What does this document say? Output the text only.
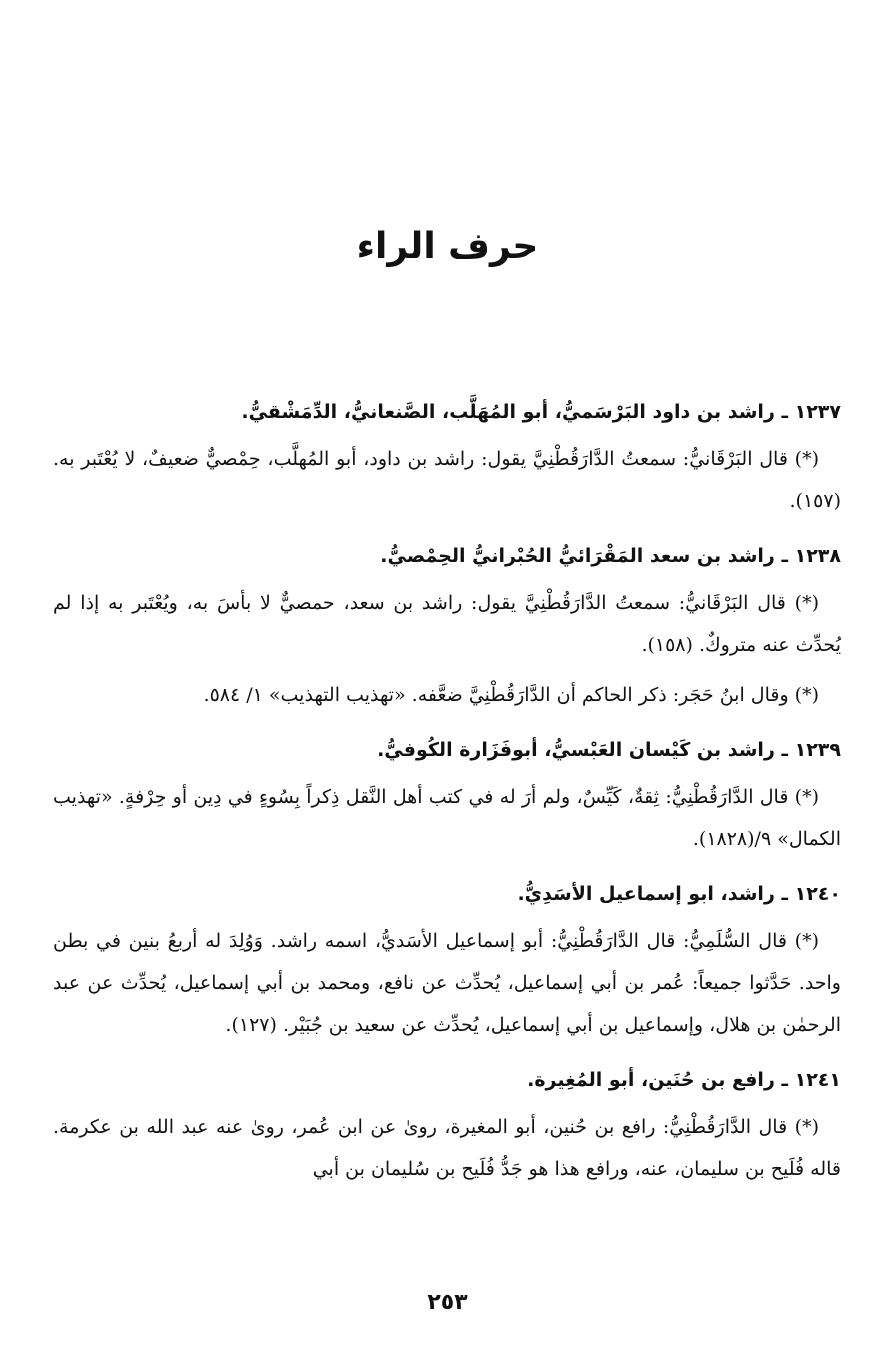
حرف الراء

١٢٣٧ ـ راشد بن داود البَرْسَميُّ، أبو المُهَلَّب، الصَّنعانيُّ، الدِّمَشْقيُّ.

(*) قال البَرْقَانيُّ: سمعتُ الدَّارَقُطْنِيَّ يقول: راشد بن داود، أبو المُهلَّب، حِمْصيٌّ ضعيفٌ، لا يُعْتَبر به. (١٥٧).

١٢٣٨ ـ راشد بن سعد المَقْرَائيُّ الحُبْرانيُّ الحِمْصيُّ.

(*) قال البَرْقَانيُّ: سمعتُ الدَّارَقُطْنِيَّ يقول: راشد بن سعد، حمصيٌّ لا بأسَ به، ويُعْتَبر به إذا لم يُحدِّث عنه متروكٌ. (١٥٨).

(*) وقال ابنُ حَجَر: ذكر الحاكم أن الدَّارَقُطْنِيَّ ضعَّفه. «تهذيب التهذيب» ١/ ٥٨٤.

١٢٣٩ ـ راشد بن كَيْسان العَبْسيُّ، أبوفَزَارة الكُوفيُّ.

(*) قال الدَّارَقُطْنِيُّ: ثِقةٌ، كَيِّسٌ، ولم أرَ له في كتب أهل النَّقل ذِكراً بِسُوءٍ في دِين أو حِرْفةٍ. «تهذيب الكمال» ٩/(١٨٢٨).

١٢٤٠ ـ راشد، ابو إسماعيل الأسَدِيُّ.

(*) قال السُّلَمِيُّ: قال الدَّارَقُطْنِيُّ: أبو إسماعيل الأسَديُّ، اسمه راشد. وَوُلِدَ له أربعُ بنين في بطن واحد. حَدَّثوا جميعاً: عُمر بن أبي إسماعيل، يُحدِّث عن نافع، ومحمد بن أبي إسماعيل، يُحدِّث عن عبد الرحمٰن بن هلال، وإسماعيل بن أبي إسماعيل، يُحدِّث عن سعيد بن جُبَيْر. (١٢٧).

١٢٤١ ـ رافع بن حُنَين، أبو المُغِيرة.

(*) قال الدَّارَقُطْنِيُّ: رافع بن حُنين، أبو المغيرة، روىٰ عن ابن عُمر، روىٰ عنه عبد الله بن عكرمة. قاله فُلَيح بن سليمان، عنه، ورافع هذا هو جَدُّ فُلَيح بن سُليمان بن أبي

٢٥٣
